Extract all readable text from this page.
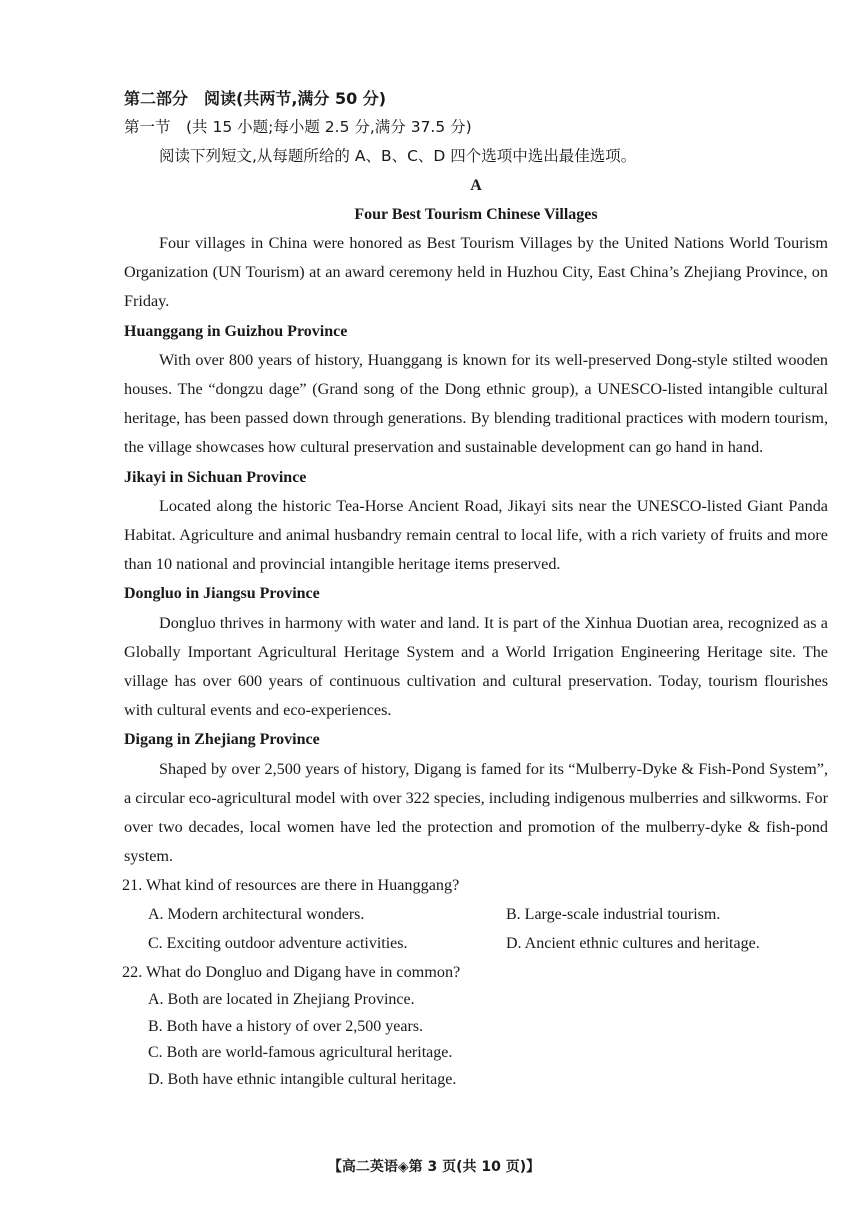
第二部分　阅读(共两节,满分 50 分)
第一节　(共 15 小题;每小题 2.5 分,满分 37.5 分)
阅读下列短文,从每题所给的 A、B、C、D 四个选项中选出最佳选项。
A
Four Best Tourism Chinese Villages

Four villages in China were honored as Best Tourism Villages by the United Nations World Tourism Organization (UN Tourism) at an award ceremony held in Huzhou City, East China’s Zhejiang Province, on Friday.

Huanggang in Guizhou Province

With over 800 years of history, Huanggang is known for its well-preserved Dong-style stilted wooden houses. The “dongzu dage” (Grand song of the Dong ethnic group), a UNESCO-listed intangible cultural heritage, has been passed down through generations. By blending traditional practices with modern tourism, the village showcases how cultural preservation and sustainable development can go hand in hand.

Jikayi in Sichuan Province

Located along the historic Tea-Horse Ancient Road, Jikayi sits near the UNESCO-listed Giant Panda Habitat. Agriculture and animal husbandry remain central to local life, with a rich variety of fruits and more than 10 national and provincial intangible heritage items preserved.

Dongluo in Jiangsu Province

Dongluo thrives in harmony with water and land. It is part of the Xinhua Duotian area, recognized as a Globally Important Agricultural Heritage System and a World Irrigation Engineering Heritage site. The village has over 600 years of continuous cultivation and cultural preservation. Today, tourism flourishes with cultural events and eco-experiences.

Digang in Zhejiang Province

Shaped by over 2,500 years of history, Digang is famed for its “Mulberry-Dyke & Fish-Pond System”, a circular eco-agricultural model with over 322 species, including indigenous mulberries and silkworms. For over two decades, local women have led the protection and promotion of the mulberry-dyke & fish-pond system.

21. What kind of resources are there in Huanggang?
A. Modern architectural wonders.	B. Large-scale industrial tourism.
C. Exciting outdoor adventure activities.	D. Ancient ethnic cultures and heritage.
22. What do Dongluo and Digang have in common?
A. Both are located in Zhejiang Province.
B. Both have a history of over 2,500 years.
C. Both are world-famous agricultural heritage.
D. Both have ethnic intangible cultural heritage.
【高二英语◈第 3 页(共 10 页)】
